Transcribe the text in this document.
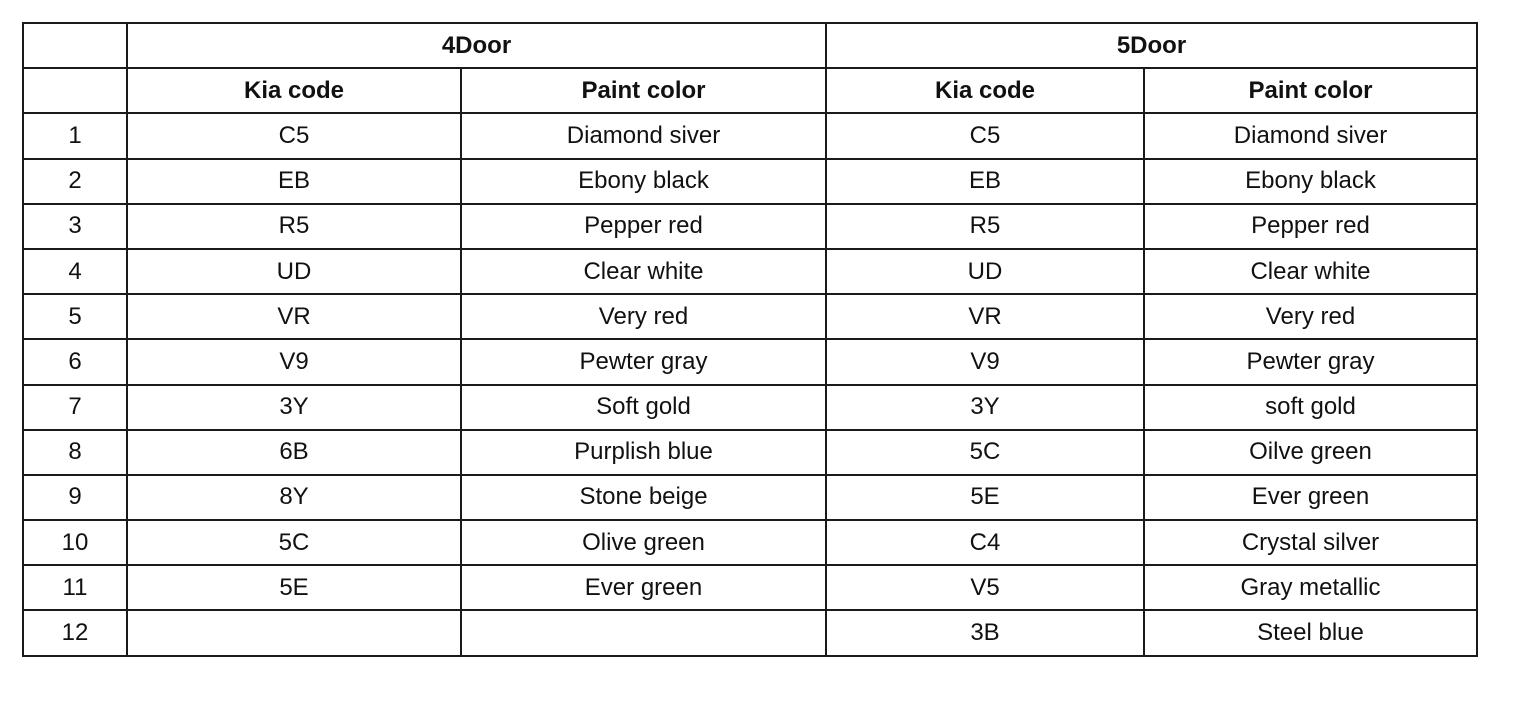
	4Door		5Door	
	Kia code	Paint color	Kia code	Paint color
1	C5	Diamond siver	C5	Diamond siver
2	EB	Ebony black	EB	Ebony black
3	R5	Pepper red	R5	Pepper red
4	UD	Clear white	UD	Clear white
5	VR	Very red	VR	Very red
6	V9	Pewter gray	V9	Pewter gray
7	3Y	Soft gold	3Y	soft gold
8	6B	Purplish blue	5C	Oilve green
9	8Y	Stone beige	5E	Ever green
10	5C	Olive green	C4	Crystal silver
11	5E	Ever green	V5	Gray metallic
12			3B	Steel blue
